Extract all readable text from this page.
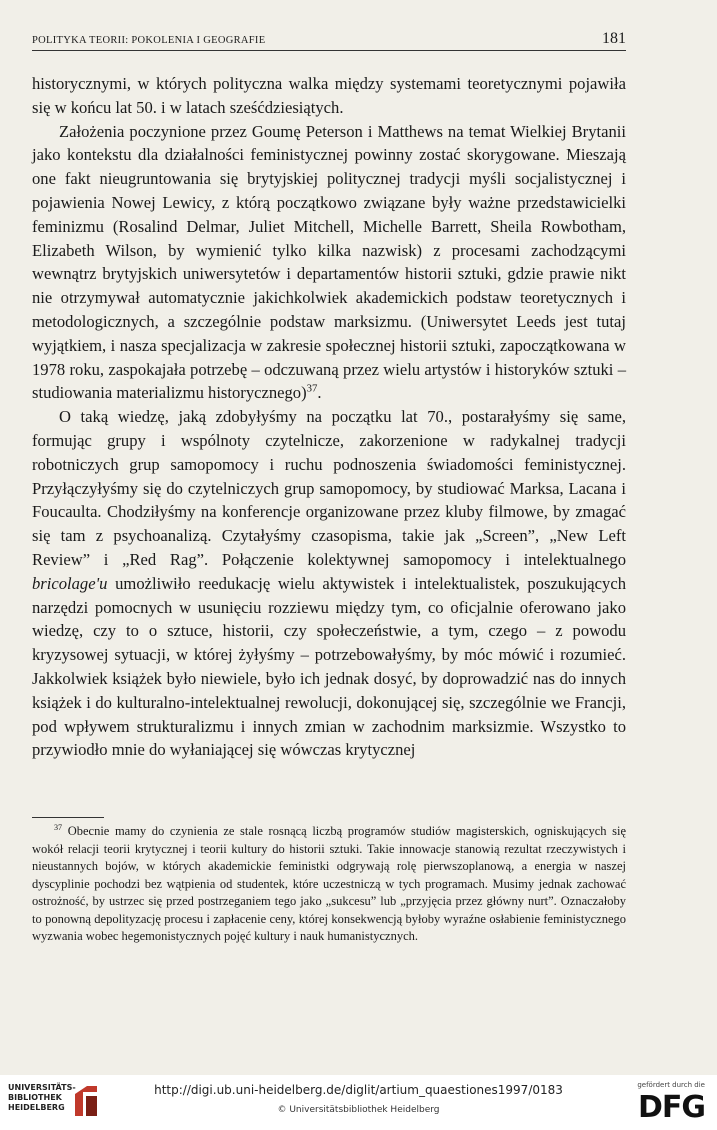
POLITYKA TEORII: POKOLENIA I GEOGRAFIE	181

historycznymi, w których polityczna walka między systemami teoretycznymi pojawiła się w końcu lat 50. i w latach sześćdziesiątych.

Założenia poczynione przez Goumę Peterson i Matthews na temat Wielkiej Brytanii jako kontekstu dla działalności feministycznej powinny zostać skorygowane. Mieszają one fakt nieugruntowania się brytyjskiej politycznej tradycji myśli socjalistycznej i pojawienia Nowej Lewicy, z którą początkowo związane były ważne przedstawicielki feminizmu (Rosalind Delmar, Juliet Mitchell, Michelle Barrett, Sheila Rowbotham, Elizabeth Wilson, by wymienić tylko kilka nazwisk) z procesami zachodzącymi wewnątrz brytyjskich uniwersytetów i departamentów historii sztuki, gdzie prawie nikt nie otrzymywał automatycznie jakichkolwiek akademickich podstaw teoretycznych i metodologicznych, a szczególnie podstaw marksizmu. (Uniwersytet Leeds jest tutaj wyjątkiem, i nasza specjalizacja w zakresie społecznej historii sztuki, zapoczątkowana w 1978 roku, zaspokajała potrzebę – odczuwaną przez wielu artystów i historyków sztuki – studiowania materializmu historycznego)$^{37}$.

O taką wiedzę, jaką zdobyłyśmy na początku lat 70., postarałyśmy się same, formując grupy i wspólnoty czytelnicze, zakorzenione w radykalnej tradycji robotniczych grup samopomocy i ruchu podnoszenia świadomości feministycznej. Przyłączyłyśmy się do czytelniczych grup samopomocy, by studiować Marksa, Lacana i Foucaulta. Chodziłyśmy na konferencje organizowane przez kluby filmowe, by zmagać się tam z psychoanalizą. Czytałyśmy czasopisma, takie jak „Screen”, „New Left Review” i „Red Rag”. Połączenie kolektywnej samopomocy i intelektualnego bricolage'u umożliwiło reedukację wielu aktywistek i intelektualistek, poszukujących narzędzi pomocnych w usunięciu rozziewu między tym, co oficjalnie oferowano jako wiedzę, czy to o sztuce, historii, czy społeczeństwie, a tym, czego – z powodu kryzysowej sytuacji, w której żyłyśmy – potrzebowałyśmy, by móc mówić i rozumieć. Jakkolwiek książek było niewiele, było ich jednak dosyć, by doprowadzić nas do innych książek i do kulturalno-intelektualnej rewolucji, dokonującej się, szczególnie we Francji, pod wpływem strukturalizmu i innych zmian w zachodnim marksizmie. Wszystko to przywiodło mnie do wyłaniającej się wówczas krytycznej

$^{37}$ Obecnie mamy do czynienia ze stale rosnącą liczbą programów studiów magisterskich, ogniskujących się wokół relacji teorii krytycznej i teorii kultury do historii sztuki. Takie innowacje stanowią rezultat rzeczywistych i nieustannych bojów, w których akademickie feministki odgrywają rolę pierwszoplanową, a energia w naszej dyscyplinie pochodzi bez wątpienia od studentek, które uczestniczą w tych programach. Musimy jednak zachować ostrożność, by ustrzec się przed postrzeganiem tego jako „sukcesu” lub „przyjęcia przez główny nurt”. Oznaczałoby to ponowną depolityzację procesu i zapłacenie ceny, której konsekwencją byłoby wyraźne osłabienie feministycznego wyzwania wobec hegemonistycznych pojęć kultury i nauk humanistycznych.
UNIVERSITÄTS-
BIBLIOTHEK
HEIDELBERG
http://digi.ub.uni-heidelberg.de/diglit/artium_quaestiones1997/0183
© Universitätsbibliothek Heidelberg
gefördert durch die
DFG
